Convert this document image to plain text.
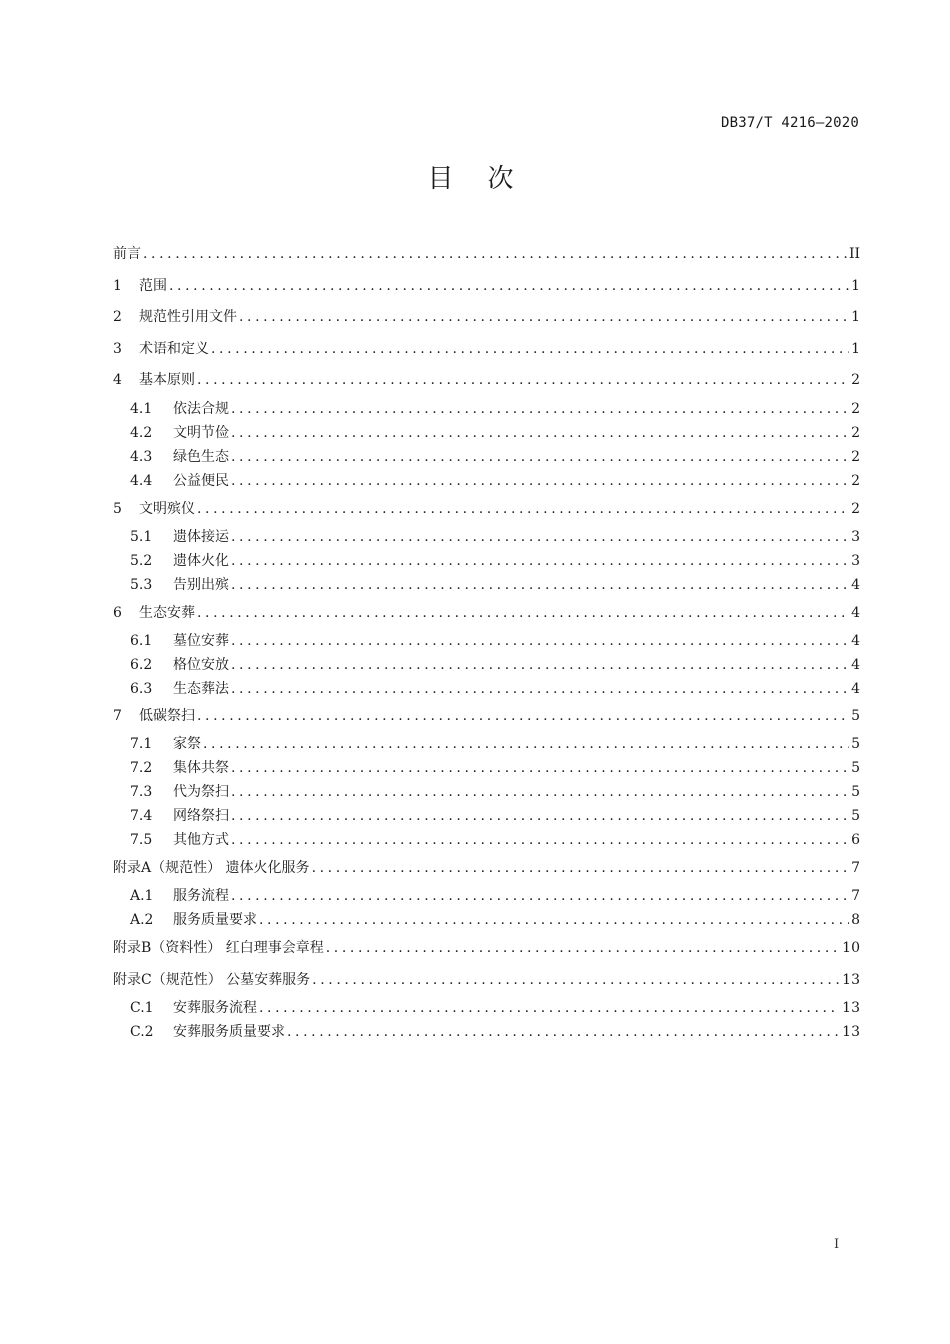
DB37/T 4216—2020
目次
前言 .....	II
1	范围 .....	1
2	规范性引用文件 .....	1
3	术语和定义 .....	1
4	基本原则 .....	2
4.1	依法合规 .....	2
4.2	文明节俭 .....	2
4.3	绿色生态 .....	2
4.4	公益便民 .....	2
5	文明殡仪 .....	2
5.1	遗体接运 .....	3
5.2	遗体火化 .....	3
5.3	告别出殡 .....	4
6	生态安葬 .....	4
6.1	墓位安葬 .....	4
6.2	格位安放 .....	4
6.3	生态葬法 .....	4
7	低碳祭扫 .....	5
7.1	家祭 .....	5
7.2	集体共祭 .....	5
7.3	代为祭扫 .....	5
7.4	网络祭扫 .....	5
7.5	其他方式 .....	6
附录A（规范性） 遗体火化服务 .....	7
A.1	服务流程 .....	7
A.2	服务质量要求 .....	8
附录B（资料性） 红白理事会章程 .....	10
附录C（规范性） 公墓安葬服务 .....	13
C.1	安葬服务流程 .....	13
C.2	安葬服务质量要求 .....	13
I
